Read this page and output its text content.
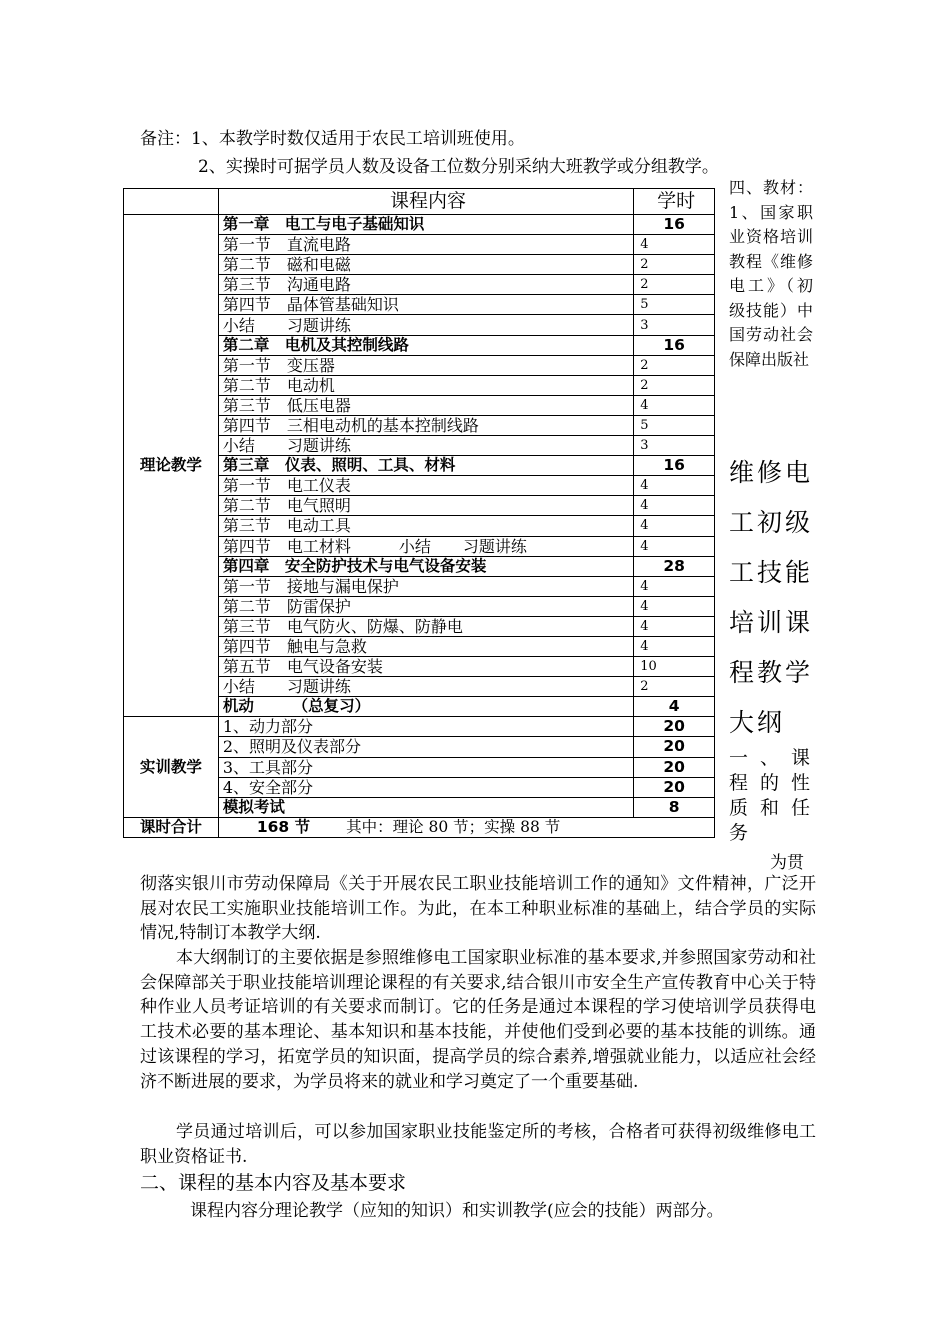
备注：1、本教学时数仅适用于农民工培训班使用。
2、实操时可据学员人数及设备工位数分别采纳大班教学或分组教学。
	课程内容	学时
理论教学	第一章　电工与电子基础知识	16
	第一节　直流电路	4
	第二节　磁和电磁	2
	第三节　沟通电路	2
	第四节　晶体管基础知识	5
	小结　　习题讲练	3
	第二章　电机及其控制线路	16
	第一节　变压器	2
	第二节　电动机	2
	第三节　低压电器	4
	第四节　三相电动机的基本控制线路	5
	小结　　习题讲练	3
	第三章　仪表、照明、工具、材料	16
	第一节　电工仪表	4
	第二节　电气照明	4
	第三节　电动工具	4
	第四节　电工材料　　　小结　　习题讲练	4
	第四章　安全防护技术与电气设备安装	28
	第一节　接地与漏电保护	4
	第二节　防雷保护	4
	第三节　电气防火、防爆、防静电	4
	第四节　触电与急救	4
	第五节　电气设备安装	10
	小结　　习题讲练	2
	机动　　　（总复习）	4
实训教学	1、动力部分	20
	2、照明及仪表部分	20
	3、工具部分	20
	4、安全部分	20
	模拟考试	8
课时合计	168 节 其中：理论 80 节；实操 88 节	
四、教材：1、国家职业资格培训教程《维修电工》（初级技能）中国劳动社会保障出版社
维修电
工初级
工技能
培训课
程教学
大纲
一、课程的性质和任务
为贯
彻落实银川市劳动保障局《关于开展农民工职业技能培训工作的通知》文件精神，广泛开展对农民工实施职业技能培训工作。为此，在本工种职业标准的基础上，结合学员的实际情况,特制订本教学大纲.
本大纲制订的主要依据是参照维修电工国家职业标准的基本要求,并参照国家劳动和社会保障部关于职业技能培训理论课程的有关要求,结合银川市安全生产宣传教育中心关于特种作业人员考证培训的有关要求而制订。它的任务是通过本课程的学习使培训学员获得电工技术必要的基本理论、基本知识和基本技能，并使他们受到必要的基本技能的训练。通过该课程的学习，拓宽学员的知识面，提高学员的综合素养,增强就业能力，以适应社会经济不断进展的要求，为学员将来的就业和学习奠定了一个重要基础.
学员通过培训后，可以参加国家职业技能鉴定所的考核，合格者可获得初级维修电工职业资格证书.
二、课程的基本内容及基本要求
课程内容分理论教学（应知的知识）和实训教学(应会的技能）两部分。
